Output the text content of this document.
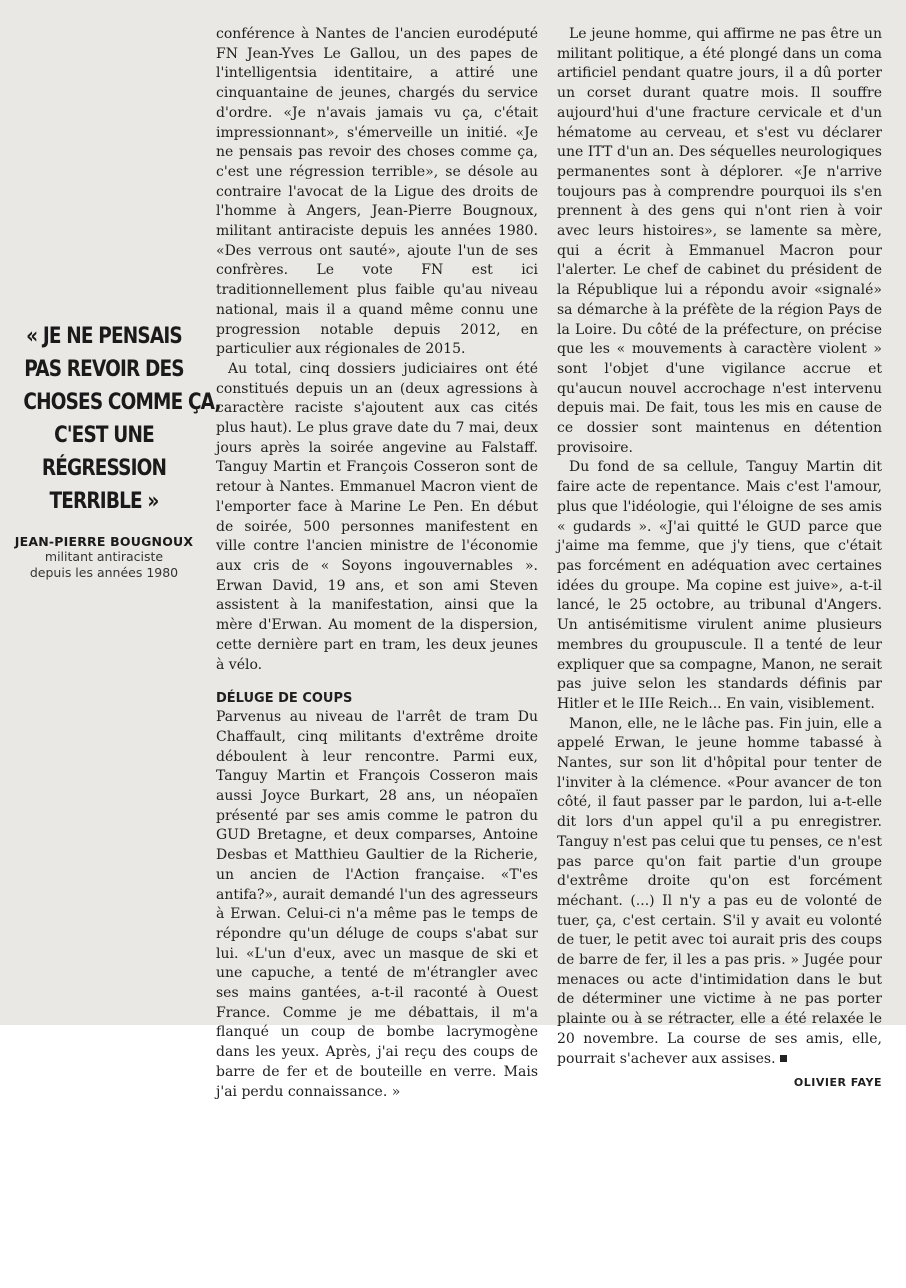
« JE NE PENSAIS
PAS REVOIR DES
CHOSES COMME ÇA,
C'EST UNE
RÉGRESSION
TERRIBLE »
JEAN-PIERRE BOUGNOUX
militant antiraciste
depuis les années 1980

conférence à Nantes de l'ancien eurodéputé FN Jean-Yves Le Gallou, un des papes de l'intelligentsia identitaire, a attiré une cinquantaine de jeunes, chargés du service d'ordre. «Je n'avais jamais vu ça, c'était impressionnant», s'émerveille un initié. «Je ne pensais pas revoir des choses comme ça, c'est une régression terrible», se désole au contraire l'avocat de la Ligue des droits de l'homme à Angers, Jean-Pierre Bougnoux, militant antiraciste depuis les années 1980. «Des verrous ont sauté», ajoute l'un de ses confrères. Le vote FN est ici traditionnellement plus faible qu'au niveau national, mais il a quand même connu une progression notable depuis 2012, en particulier aux régionales de 2015.

Au total, cinq dossiers judiciaires ont été constitués depuis un an (deux agressions à caractère raciste s'ajoutent aux cas cités plus haut). Le plus grave date du 7 mai, deux jours après la soirée angevine au Falstaff. Tanguy Martin et François Cosseron sont de retour à Nantes. Emmanuel Macron vient de l'emporter face à Marine Le Pen. En début de soirée, 500 personnes manifestent en ville contre l'ancien ministre de l'économie aux cris de « Soyons ingouvernables ». Erwan David, 19 ans, et son ami Steven assistent à la manifestation, ainsi que la mère d'Erwan. Au moment de la dispersion, cette dernière part en tram, les deux jeunes à vélo.

DÉLUGE DE COUPS

Parvenus au niveau de l'arrêt de tram Du Chaffault, cinq militants d'extrême droite déboulent à leur rencontre. Parmi eux, Tanguy Martin et François Cosseron mais aussi Joyce Burkart, 28 ans, un néopaïen présenté par ses amis comme le patron du GUD Bretagne, et deux comparses, Antoine Desbas et Matthieu Gaultier de la Richerie, un ancien de l'Action française. «T'es antifa?», aurait demandé l'un des agresseurs à Erwan. Celui-ci n'a même pas le temps de répondre qu'un déluge de coups s'abat sur lui. «L'un d'eux, avec un masque de ski et une capuche, a tenté de m'étrangler avec ses mains gantées, a-t-il raconté à Ouest France. Comme je me débattais, il m'a flanqué un coup de bombe lacrymogène dans les yeux. Après, j'ai reçu des coups de barre de fer et de bouteille en verre. Mais j'ai perdu connaissance. »

Le jeune homme, qui affirme ne pas être un militant politique, a été plongé dans un coma artificiel pendant quatre jours, il a dû porter un corset durant quatre mois. Il souffre aujourd'hui d'une fracture cervicale et d'un hématome au cerveau, et s'est vu déclarer une ITT d'un an. Des séquelles neurologiques permanentes sont à déplorer. «Je n'arrive toujours pas à comprendre pourquoi ils s'en prennent à des gens qui n'ont rien à voir avec leurs histoires», se lamente sa mère, qui a écrit à Emmanuel Macron pour l'alerter. Le chef de cabinet du président de la République lui a répondu avoir «signalé» sa démarche à la préfète de la région Pays de la Loire. Du côté de la préfecture, on précise que les « mouvements à caractère violent » sont l'objet d'une vigilance accrue et qu'aucun nouvel accrochage n'est intervenu depuis mai. De fait, tous les mis en cause de ce dossier sont maintenus en détention provisoire.

Du fond de sa cellule, Tanguy Martin dit faire acte de repentance. Mais c'est l'amour, plus que l'idéologie, qui l'éloigne de ses amis « gudards ». «J'ai quitté le GUD parce que j'aime ma femme, que j'y tiens, que c'était pas forcément en adéquation avec certaines idées du groupe. Ma copine est juive», a-t-il lancé, le 25 octobre, au tribunal d'Angers. Un antisémitisme virulent anime plusieurs membres du groupuscule. Il a tenté de leur expliquer que sa compagne, Manon, ne serait pas juive selon les standards définis par Hitler et le IIIe Reich... En vain, visiblement.

Manon, elle, ne le lâche pas. Fin juin, elle a appelé Erwan, le jeune homme tabassé à Nantes, sur son lit d'hôpital pour tenter de l'inviter à la clémence. «Pour avancer de ton côté, il faut passer par le pardon, lui a-t-elle dit lors d'un appel qu'il a pu enregistrer. Tanguy n'est pas celui que tu penses, ce n'est pas parce qu'on fait partie d'un groupe d'extrême droite qu'on est forcément méchant. (...) Il n'y a pas eu de volonté de tuer, ça, c'est certain. S'il y avait eu volonté de tuer, le petit avec toi aurait pris des coups de barre de fer, il les a pas pris. » Jugée pour menaces ou acte d'intimidation dans le but de déterminer une victime à ne pas porter plainte ou à se rétracter, elle a été relaxée le 20 novembre. La course de ses amis, elle, pourrait s'achever aux assises.

OLIVIER FAYE
